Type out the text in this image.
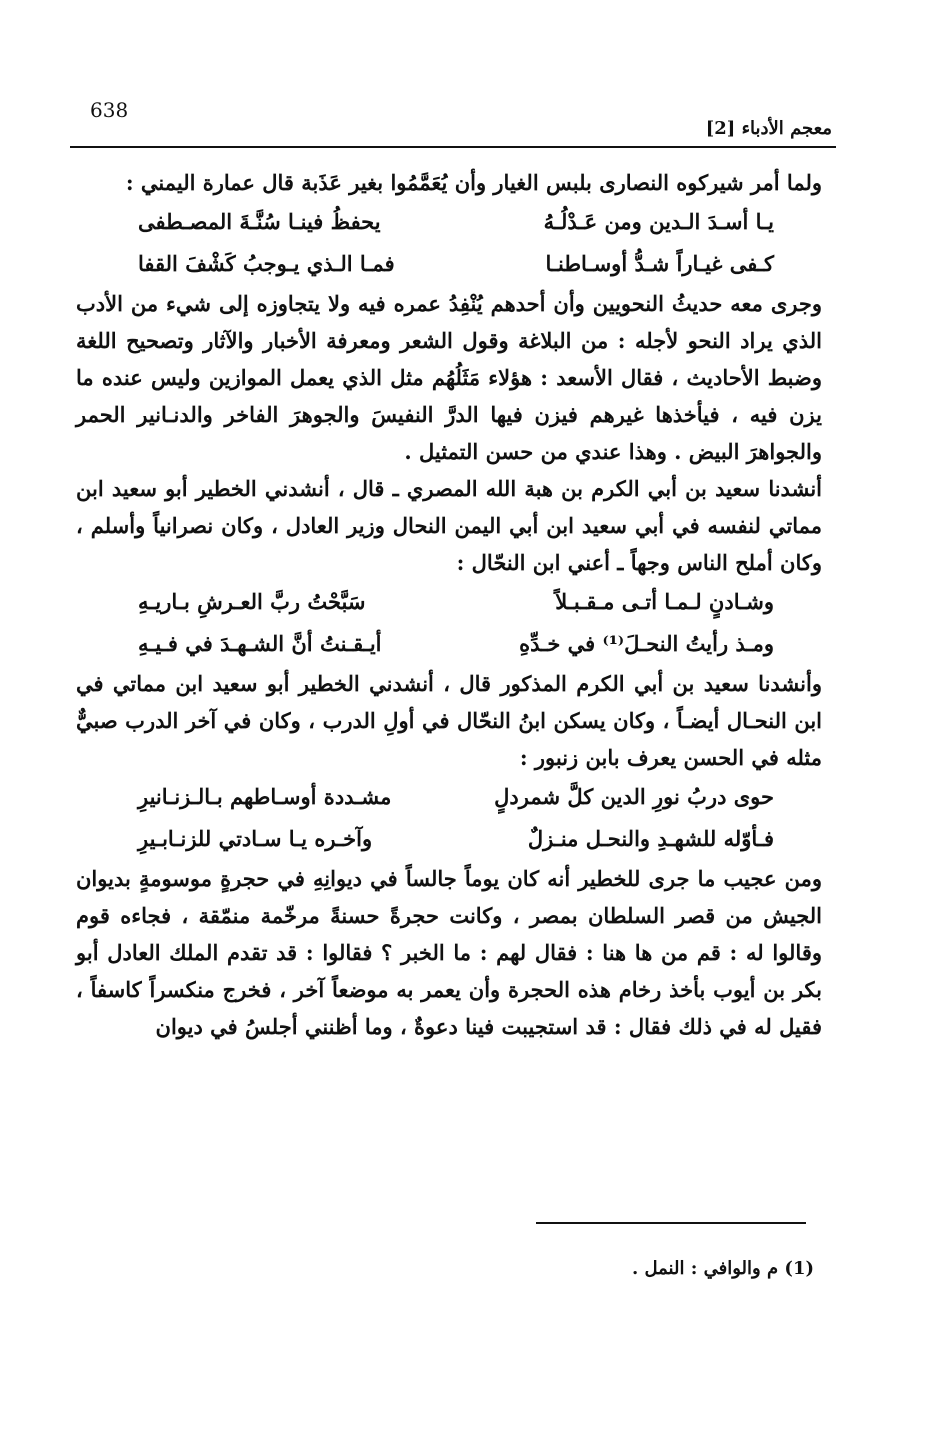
638
معجم الأدباء [2]

ولما أمر شيركوه النصارى بلبس الغيار وأن يُعَمَّمُوا بغير عَذَبة قال عمارة اليمني :

يـا أسـدَ الـدين ومن عَـدْلُـهُ
يحفظُ فينـا سُنَّـةَ المصـطفى
كـفى غيـاراً شـدُّ أوسـاطنـا
فمـا الـذي يـوجبُ كَشْفَ القفا

وجرى معه حديثُ النحويين وأن أحدهم يُنْفِدُ عمره فيه ولا يتجاوزه إلى شيء من الأدب الذي يراد النحو لأجله : من البلاغة وقول الشعر ومعرفة الأخبار والآثار وتصحيح اللغة وضبط الأحاديث ، فقال الأسعد : هؤلاء مَثَلُهُم مثل الذي يعمل الموازين وليس عنده ما يزن فيه ، فيأخذها غيرهم فيزن فيها الدرَّ النفيسَ والجوهرَ الفاخر والدنـانير الحمر والجواهرَ البيض . وهذا عندي من حسن التمثيل .

أنشدنا سعيد بن أبي الكرم بن هبة الله المصري ـ قال ، أنشدني الخطير أبو سعيد ابن مماتي لنفسه في أبي سعيد ابن أبي اليمن النحال وزير العادل ، وكان نصرانياً وأسلم ، وكان أملح الناس وجهاً ـ أعني ابن النحّال :

وشـادنٍ لـمـا أتـى مـقـبـلاً
سَبَّحْتُ ربَّ العـرشِ بـاريـهِ
ومـذ رأيتُ النحـلَ⁽¹⁾ في خـدِّهِ
أيـقـنتُ أنَّ الشـهـدَ في فـيـهِ

وأنشدنا سعيد بن أبي الكرم المذكور قال ، أنشدني الخطير أبو سعيد ابن مماتي في ابن النحـال أيضـاً ، وكان يسكن ابنُ النحّال في أولِ الدرب ، وكان في آخر الدرب صبيٌّ مثله في الحسن يعرف بابن زنبور :

حوى دربُ نورِ الدين كلَّ شمردلٍ
مشـددة أوسـاطهم بـالـزنـانيرِ
فـأوّله للشهـدِ والنحـل منـزلٌ
وآخـره يـا سـادتي للزنـابـيرِ

ومن عجيب ما جرى للخطير أنه كان يوماً جالساً في ديوانِهِ في حجرةٍ موسومةٍ بديوان الجيش من قصر السلطان بمصر ، وكانت حجرةً حسنةً مرخّمة منمّقة ، فجاءه قوم وقالوا له : قم من ها هنا : فقال لهم : ما الخبر ؟ فقالوا : قد تقدم الملك العادل أبو بكر بن أيوب بأخذ رخام هذه الحجرة وأن يعمر به موضعاً آخر ، فخرج منكسراً كاسفاً ، فقيل له في ذلك فقال : قد استجيبت فينا دعوةٌ ، وما أظنني أجلسُ في ديوان

(1) م والوافي : النمل .
